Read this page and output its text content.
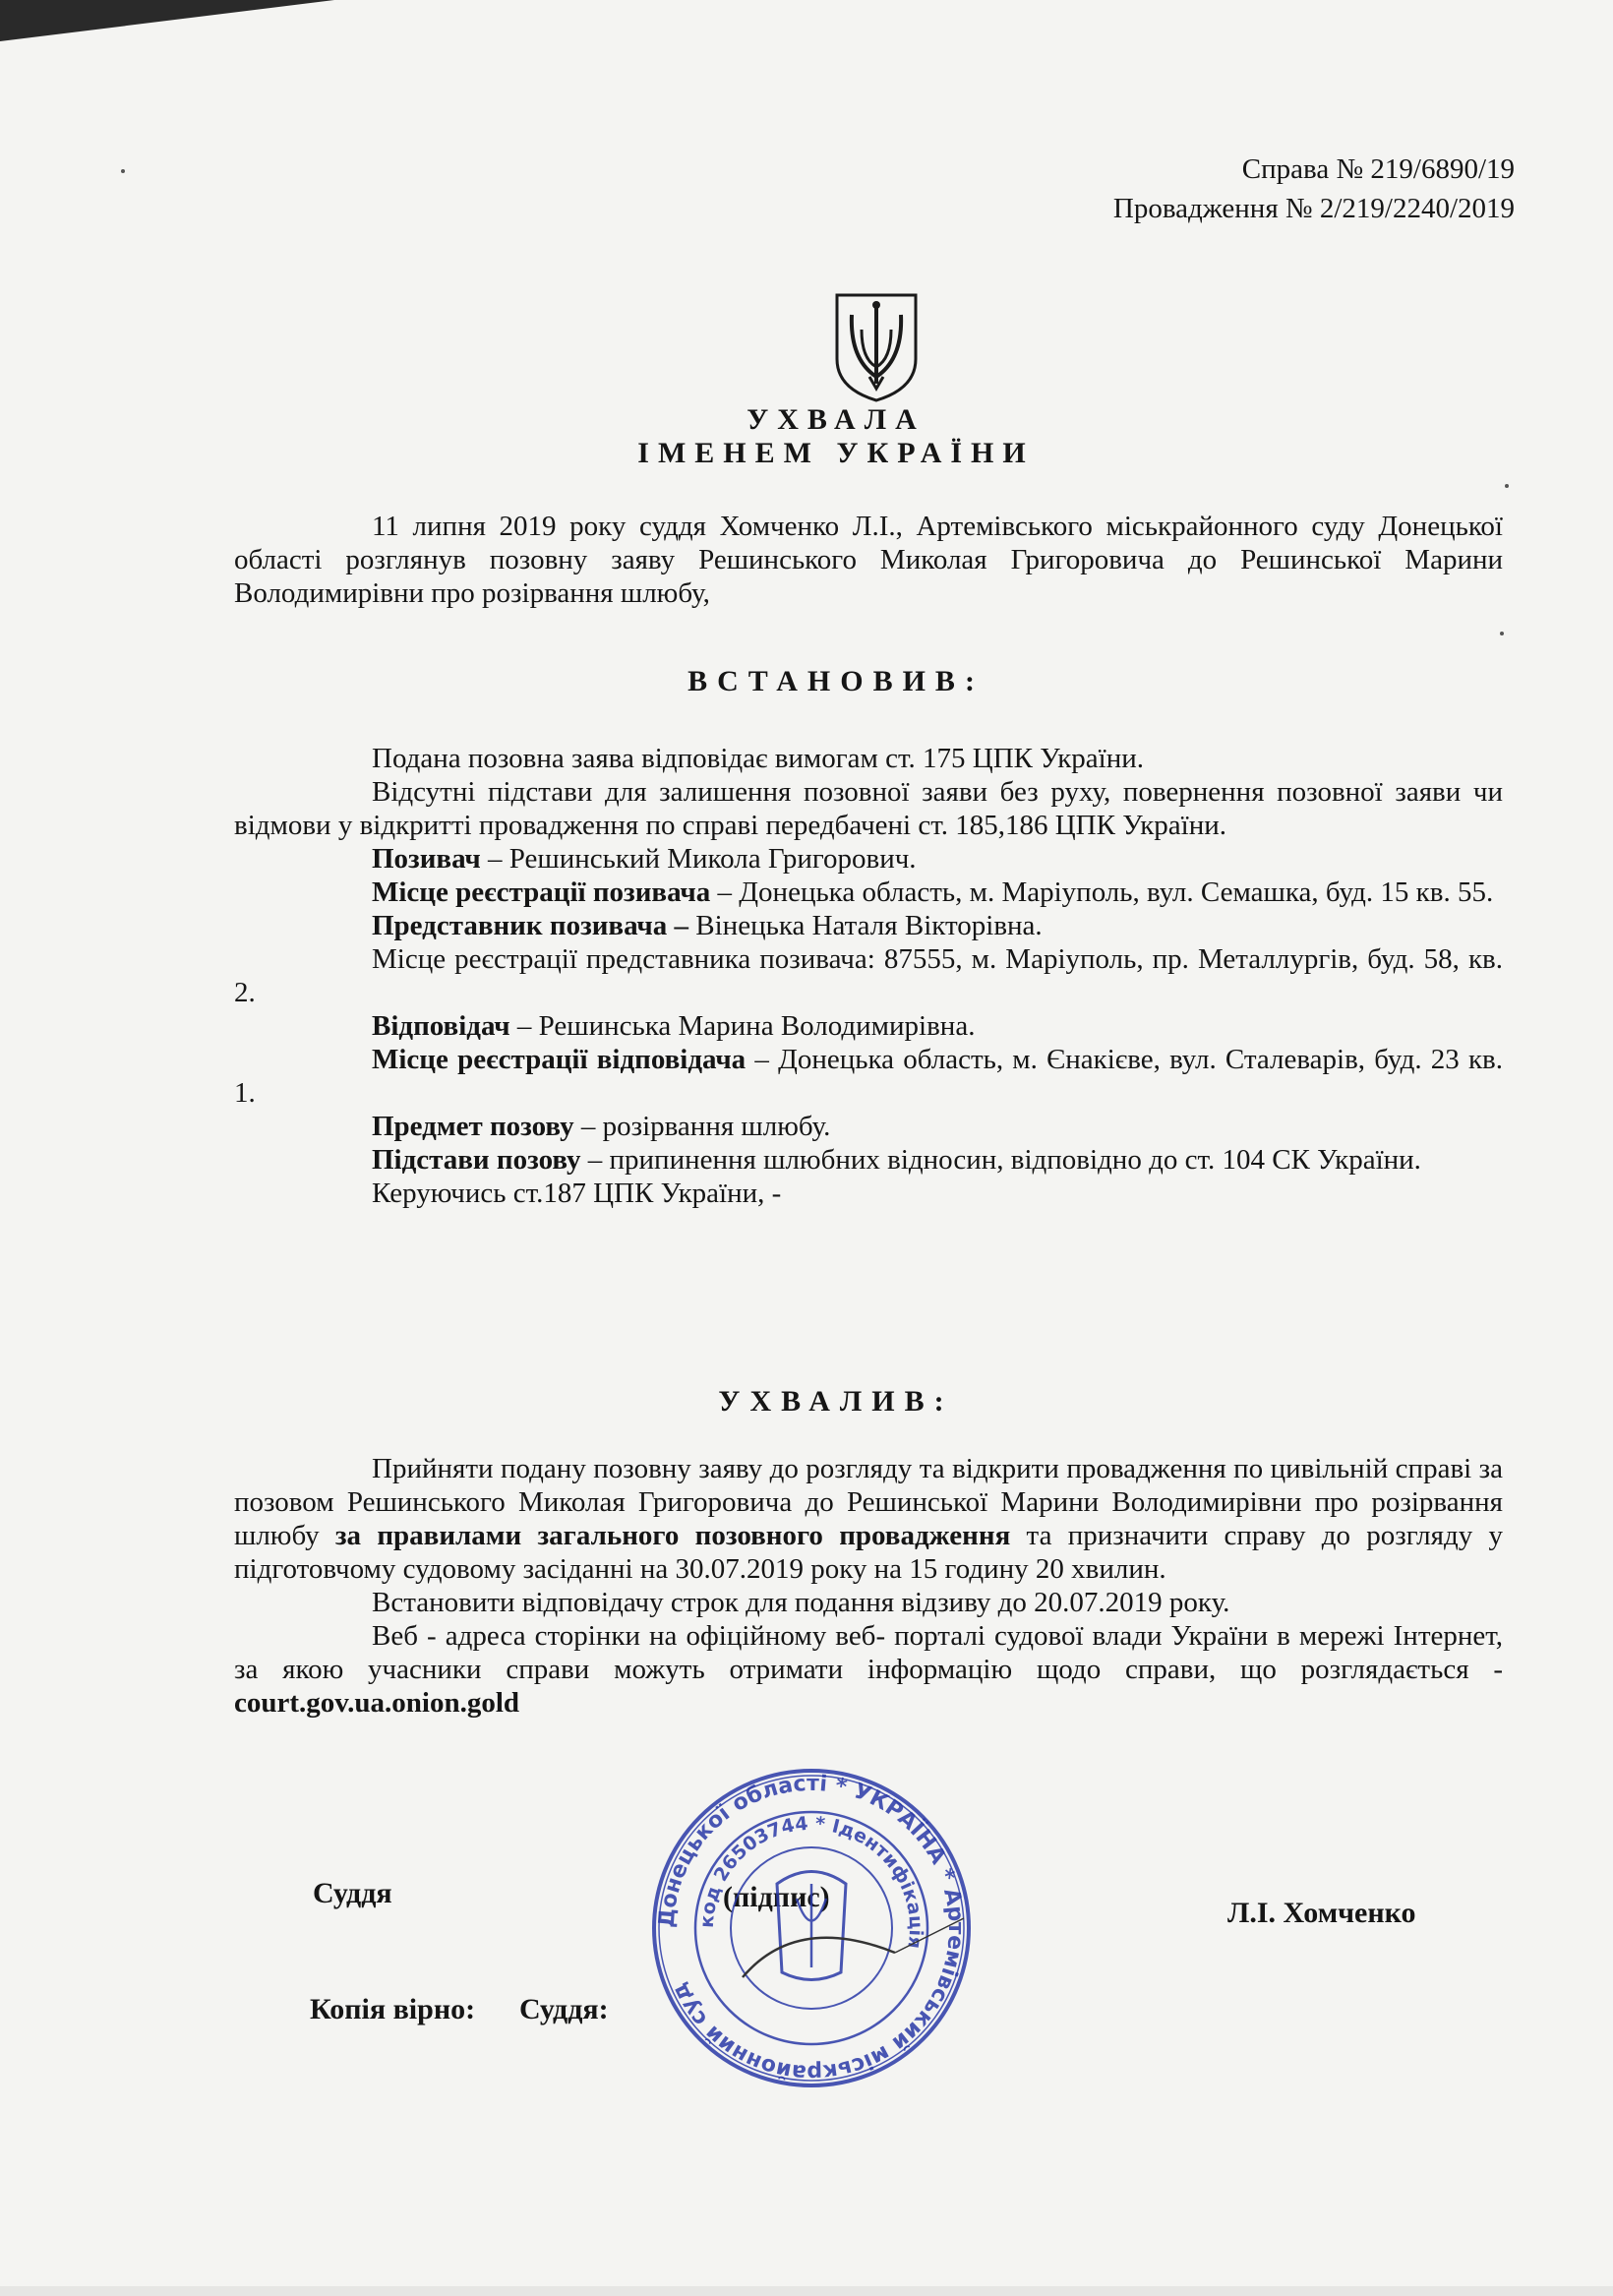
Справа № 219/6890/19
Провадження № 2/219/2240/2019
УХВАЛА
ІМЕНЕМ УКРАЇНИ

11 липня 2019 року суддя Хомченко Л.І., Артемівського міськрайонного суду Донецької області розглянув позовну заяву Решинського Миколая Григоровича до Решинської Марини Володимирівни про розірвання шлюбу,

ВСТАНОВИВ:

Подана позовна заява відповідає вимогам ст. 175 ЦПК України.

Відсутні підстави для залишення позовної заяви без руху, повернення позовної заяви чи відмови у відкритті провадження по справі передбачені ст. 185,186 ЦПК України.

Позивач – Решинський Микола Григорович.

Місце реєстрації позивача – Донецька область, м. Маріуполь, вул. Семашка, буд. 15 кв. 55.

Представник позивача – Вінецька Наталя Вікторівна.

Місце реєстрації представника позивача: 87555, м. Маріуполь, пр. Металлургів, буд. 58, кв. 2.

Відповідач – Решинська Марина Володимирівна.

Місце реєстрації відповідача – Донецька область, м. Єнакієве, вул. Сталеварів, буд. 23 кв. 1.

Предмет позову – розірвання шлюбу.

Підстави позову – припинення шлюбних відносин, відповідно до ст. 104 СК України.

Керуючись ст.187 ЦПК України, -

УХВАЛИВ:

Прийняти подану позовну заяву до розгляду та відкрити провадження по цивільній справі за позовом Решинського Миколая Григоровича до Решинської Марини Володимирівни про розірвання шлюбу за правилами загального позовного провадження та призначити справу до розгляду у підготовчому судовому засіданні на 30.07.2019 року на 15 годину 20 хвилин.

Встановити відповідачу строк для подання відзиву до 20.07.2019 року.

Веб - адреса сторінки на офіційному веб- порталі судової влади України в мережі Інтернет, за якою учасники справи можуть отримати інформацію щодо справи, що розглядається - court.gov.ua.onion.gold

Суддя	(підпис)	Л.І. Хомченко
Копія вірно: Суддя:
Донецької області * УКРАЇНА * Артемівський міськрайонний суд
код 26503744 * Ідентифікація
